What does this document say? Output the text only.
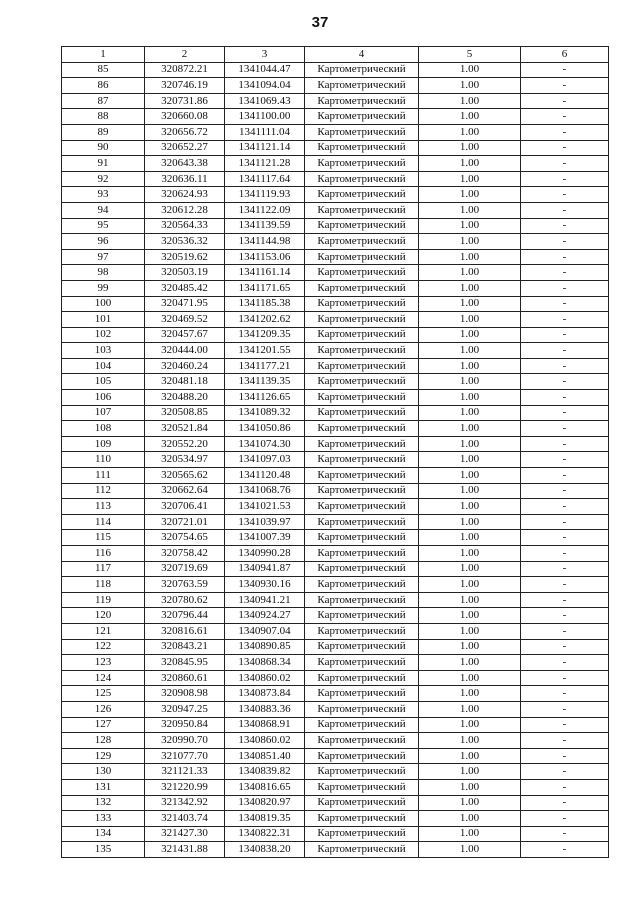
37
1	2	3	4	5	6
85	320872.21	1341044.47	Картометрический	1.00	-
86	320746.19	1341094.04	Картометрический	1.00	-
87	320731.86	1341069.43	Картометрический	1.00	-
88	320660.08	1341100.00	Картометрический	1.00	-
89	320656.72	1341111.04	Картометрический	1.00	-
90	320652.27	1341121.14	Картометрический	1.00	-
91	320643.38	1341121.28	Картометрический	1.00	-
92	320636.11	1341117.64	Картометрический	1.00	-
93	320624.93	1341119.93	Картометрический	1.00	-
94	320612.28	1341122.09	Картометрический	1.00	-
95	320564.33	1341139.59	Картометрический	1.00	-
96	320536.32	1341144.98	Картометрический	1.00	-
97	320519.62	1341153.06	Картометрический	1.00	-
98	320503.19	1341161.14	Картометрический	1.00	-
99	320485.42	1341171.65	Картометрический	1.00	-
100	320471.95	1341185.38	Картометрический	1.00	-
101	320469.52	1341202.62	Картометрический	1.00	-
102	320457.67	1341209.35	Картометрический	1.00	-
103	320444.00	1341201.55	Картометрический	1.00	-
104	320460.24	1341177.21	Картометрический	1.00	-
105	320481.18	1341139.35	Картометрический	1.00	-
106	320488.20	1341126.65	Картометрический	1.00	-
107	320508.85	1341089.32	Картометрический	1.00	-
108	320521.84	1341050.86	Картометрический	1.00	-
109	320552.20	1341074.30	Картометрический	1.00	-
110	320534.97	1341097.03	Картометрический	1.00	-
111	320565.62	1341120.48	Картометрический	1.00	-
112	320662.64	1341068.76	Картометрический	1.00	-
113	320706.41	1341021.53	Картометрический	1.00	-
114	320721.01	1341039.97	Картометрический	1.00	-
115	320754.65	1341007.39	Картометрический	1.00	-
116	320758.42	1340990.28	Картометрический	1.00	-
117	320719.69	1340941.87	Картометрический	1.00	-
118	320763.59	1340930.16	Картометрический	1.00	-
119	320780.62	1340941.21	Картометрический	1.00	-
120	320796.44	1340924.27	Картометрический	1.00	-
121	320816.61	1340907.04	Картометрический	1.00	-
122	320843.21	1340890.85	Картометрический	1.00	-
123	320845.95	1340868.34	Картометрический	1.00	-
124	320860.61	1340860.02	Картометрический	1.00	-
125	320908.98	1340873.84	Картометрический	1.00	-
126	320947.25	1340883.36	Картометрический	1.00	-
127	320950.84	1340868.91	Картометрический	1.00	-
128	320990.70	1340860.02	Картометрический	1.00	-
129	321077.70	1340851.40	Картометрический	1.00	-
130	321121.33	1340839.82	Картометрический	1.00	-
131	321220.99	1340816.65	Картометрический	1.00	-
132	321342.92	1340820.97	Картометрический	1.00	-
133	321403.74	1340819.35	Картометрический	1.00	-
134	321427.30	1340822.31	Картометрический	1.00	-
135	321431.88	1340838.20	Картометрический	1.00	-
